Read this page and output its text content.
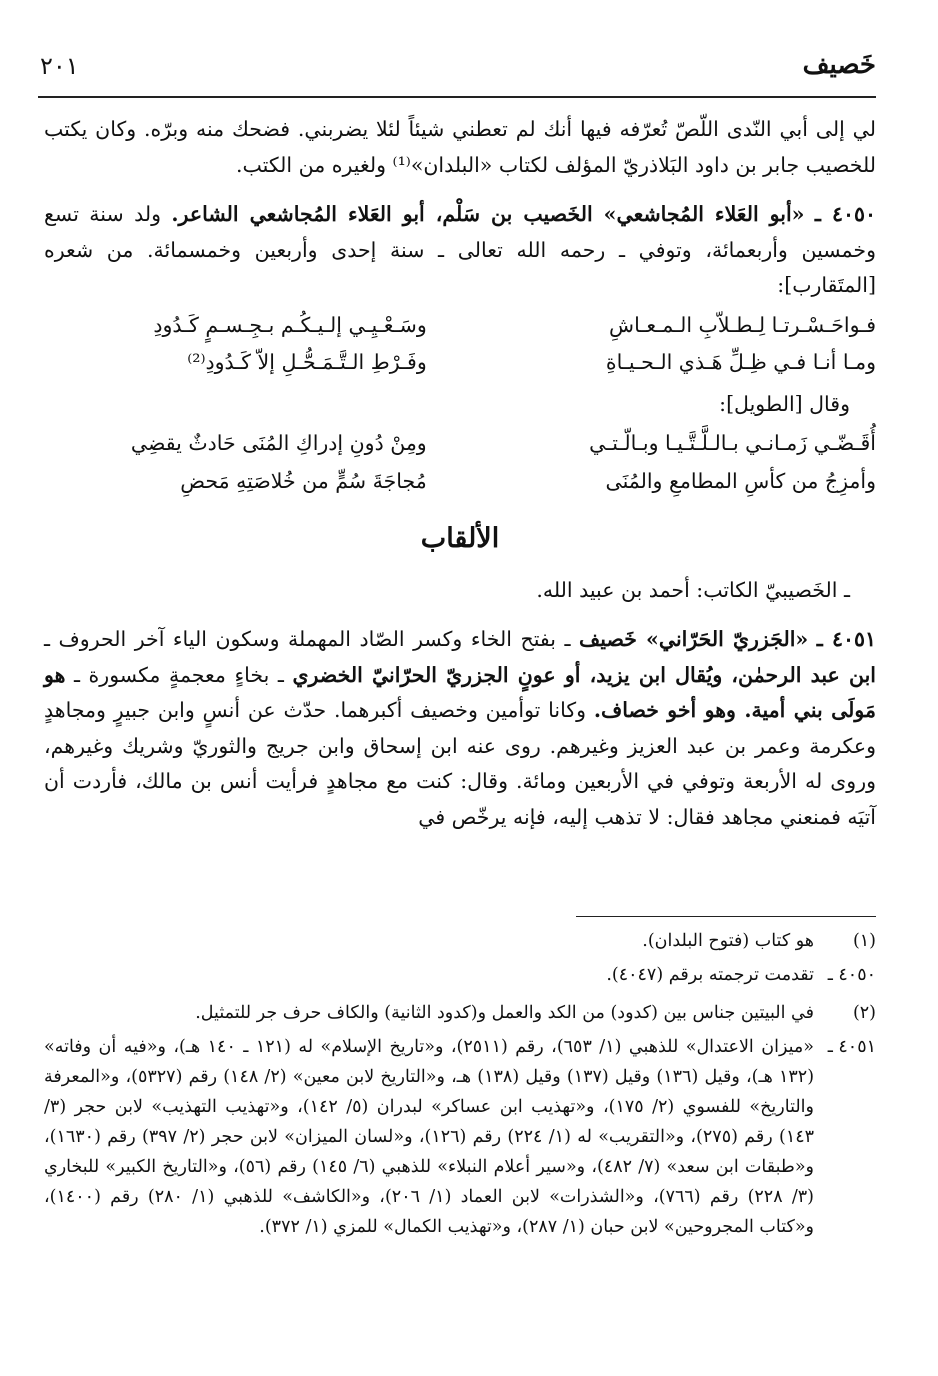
خَصيف
٢٠١

لي إلى أبي النّدى اللّصّ تُعرّفه فيها أنك لم تعطني شيئاً لئلا يضربني. فضحك منه وبرّه. وكان يكتب للخصيب جابر بن داود البَلاذريّ المؤلف لكتاب «البلدان»⁽¹⁾ ولغيره من الكتب.

٤٠٥٠ ـ «أبو العَلاء المُجاشعي» الخَصيب بن سَلْم، أبو العَلاء المُجاشعي الشاعر. ولد سنة تسع وخمسين وأربعمائة، وتوفي ـ رحمه الله تعالى ـ سنة إحدى وأربعين وخمسمائة. من شعره [المتَقارب]:

فـواحَـسْـرتـا لِـطـلاّبِ الـمـعـاشِ
وسَـعْـيِـي إلـيـكُـم بـجِـسـمٍ كَـدُودِ
ومـا أنـا فـي ظِـلِّ هَـذي الـحـيـاةِ
وفَـرْطِ الـتَّـمَـحُّـلِ إلاّ كَـدُودِ⁽²⁾

وقال [الطويل]:

أُقَـضّـي زَمـانـي بـالـلَّـتَّـيـا وبـالّـتـي
ومِنْ دُونِ إدراكِ المُنَى حَادثٌ يقضِي
وأمزِجُ من كأسِ المطامعِ والمُنَى
مُجاجَةَ سُمٍّ من خُلاصَتِهِ مَحضِ
الألقاب

ـ الخَصيبيّ الكاتب: أحمد بن عبيد الله.

٤٠٥١ ـ «الجَزريّ الحَرّاني» خَصيف ـ بفتح الخاء وكسر الصّاد المهملة وسكون الياء آخر الحروف ـ ابن عبد الرحمٰن، ويُقال ابن يزيد، أو عونٍ الجزريّ الحرّانيّ الخضري ـ بخاءٍ معجمةٍ مكسورة ـ هو مَولَى بني أمية. وهو أخو خصاف. وكانا توأمين وخصيف أكبرهما. حدّث عن أنسٍ وابن جبيرٍ ومجاهدٍ وعكرمة وعمر بن عبد العزيز وغيرهم. روى عنه ابن إسحاق وابن جريج والثوريّ وشريك وغيرهم، وروى له الأربعة وتوفي في الأربعين ومائة. وقال: كنت مع مجاهدٍ فرأيت أنس بن مالك، فأردت أن آتيَه فمنعني مجاهد فقال: لا تذهب إليه، فإنه يرخّص في

(١)
هو كتاب (فتوح البلدان).
٤٠٥٠ ـ
تقدمت ترجمته برقم (٤٠٤٧).
(٢)
في البيتين جناس بين (كدود) من الكد والعمل و(كدود الثانية) والكاف حرف جر للتمثيل.
٤٠٥١ ـ
«ميزان الاعتدال» للذهبي (١/ ٦٥٣)، رقم (٢٥١١)، و«تاريخ الإسلام» له (١٢١ ـ ١٤٠ هـ)، و«فيه أن وفاته» (١٣٢ هـ)، وقيل (١٣٦) وقيل (١٣٧) وقيل (١٣٨) هـ، و«التاريخ لابن معين» (٢/ ١٤٨) رقم (٥٣٢٧)، و«المعرفة والتاريخ» للفسوي (٢/ ١٧٥)، و«تهذيب ابن عساكر» لبدران (٥/ ١٤٢)، و«تهذيب التهذيب» لابن حجر (٣/ ١٤٣) رقم (٢٧٥)، و«التقريب» له (١/ ٢٢٤) رقم (١٢٦)، و«لسان الميزان» لابن حجر (٢/ ٣٩٧) رقم (١٦٣٠)، و«طبقات ابن سعد» (٧/ ٤٨٢)، و«سير أعلام النبلاء» للذهبي (٦/ ١٤٥) رقم (٥٦)، و«التاريخ الكبير» للبخاري (٣/ ٢٢٨) رقم (٧٦٦)، و«الشذرات» لابن العماد (١/ ٢٠٦)، و«الكاشف» للذهبي (١/ ٢٨٠) رقم (١٤٠٠)، و«كتاب المجروحين» لابن حبان (١/ ٢٨٧)، و«تهذيب الكمال» للمزي (١/ ٣٧٢).
